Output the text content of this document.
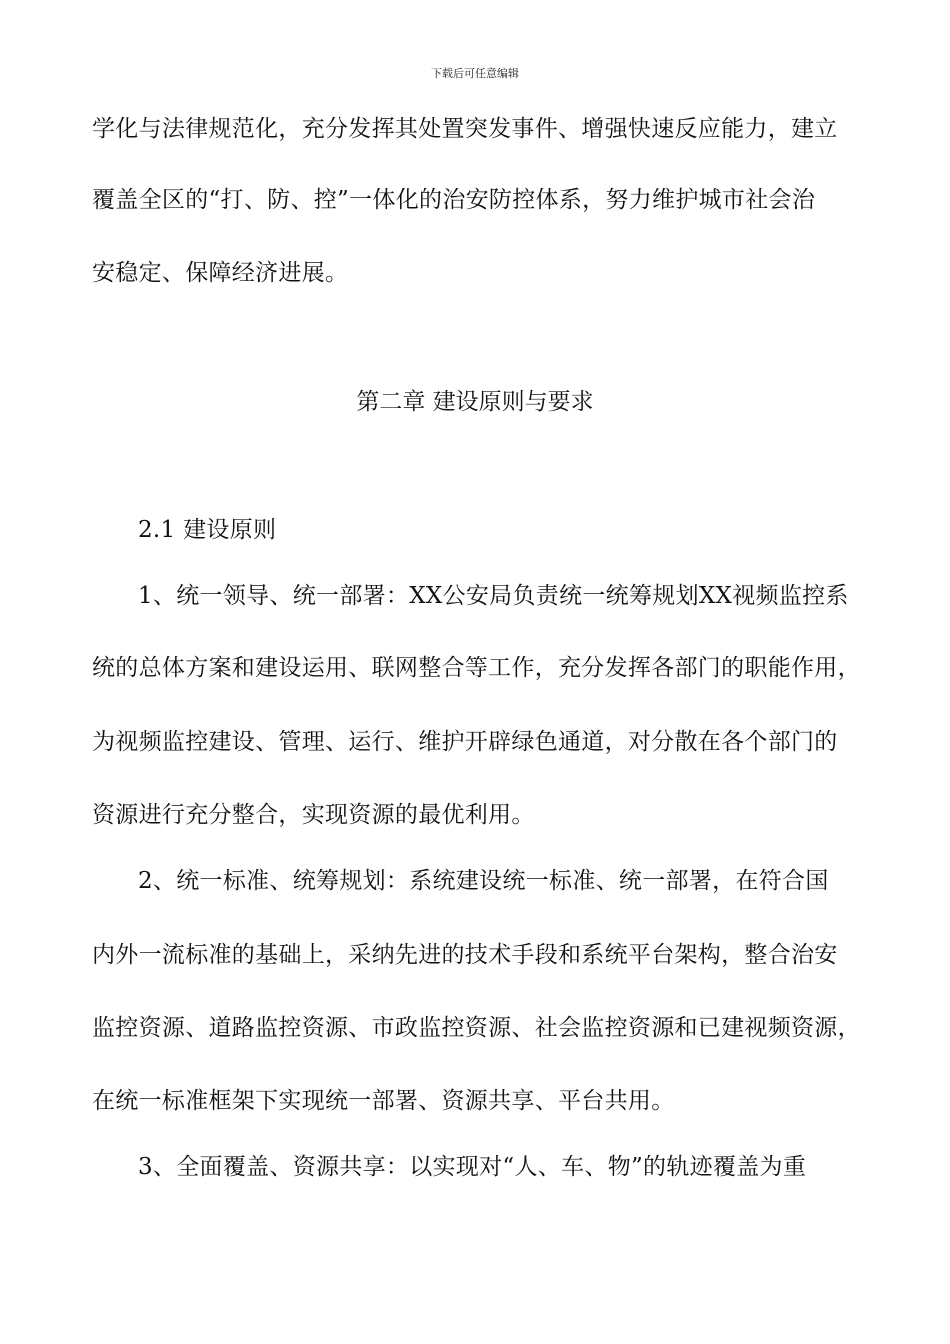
下载后可任意编辑
学化与法律规范化，充分发挥其处置突发事件、增强快速反应能力，建立
覆盖全区的“打、防、控”一体化的治安防控体系，努力维护城市社会治
安稳定、保障经济进展。
第二章 建设原则与要求
2.1 建设原则
1、统一领导、统一部署：XX公安局负责统一统筹规划XX视频监控系
统的总体方案和建设运用、联网整合等工作，充分发挥各部门的职能作用，
为视频监控建设、管理、运行、维护开辟绿色通道，对分散在各个部门的
资源进行充分整合，实现资源的最优利用。
2、统一标准、统筹规划：系统建设统一标准、统一部署，在符合国
内外一流标准的基础上，采纳先进的技术手段和系统平台架构，整合治安
监控资源、道路监控资源、市政监控资源、社会监控资源和已建视频资源，
在统一标准框架下实现统一部署、资源共享、平台共用。
3、全面覆盖、资源共享：以实现对“人、车、物”的轨迹覆盖为重
